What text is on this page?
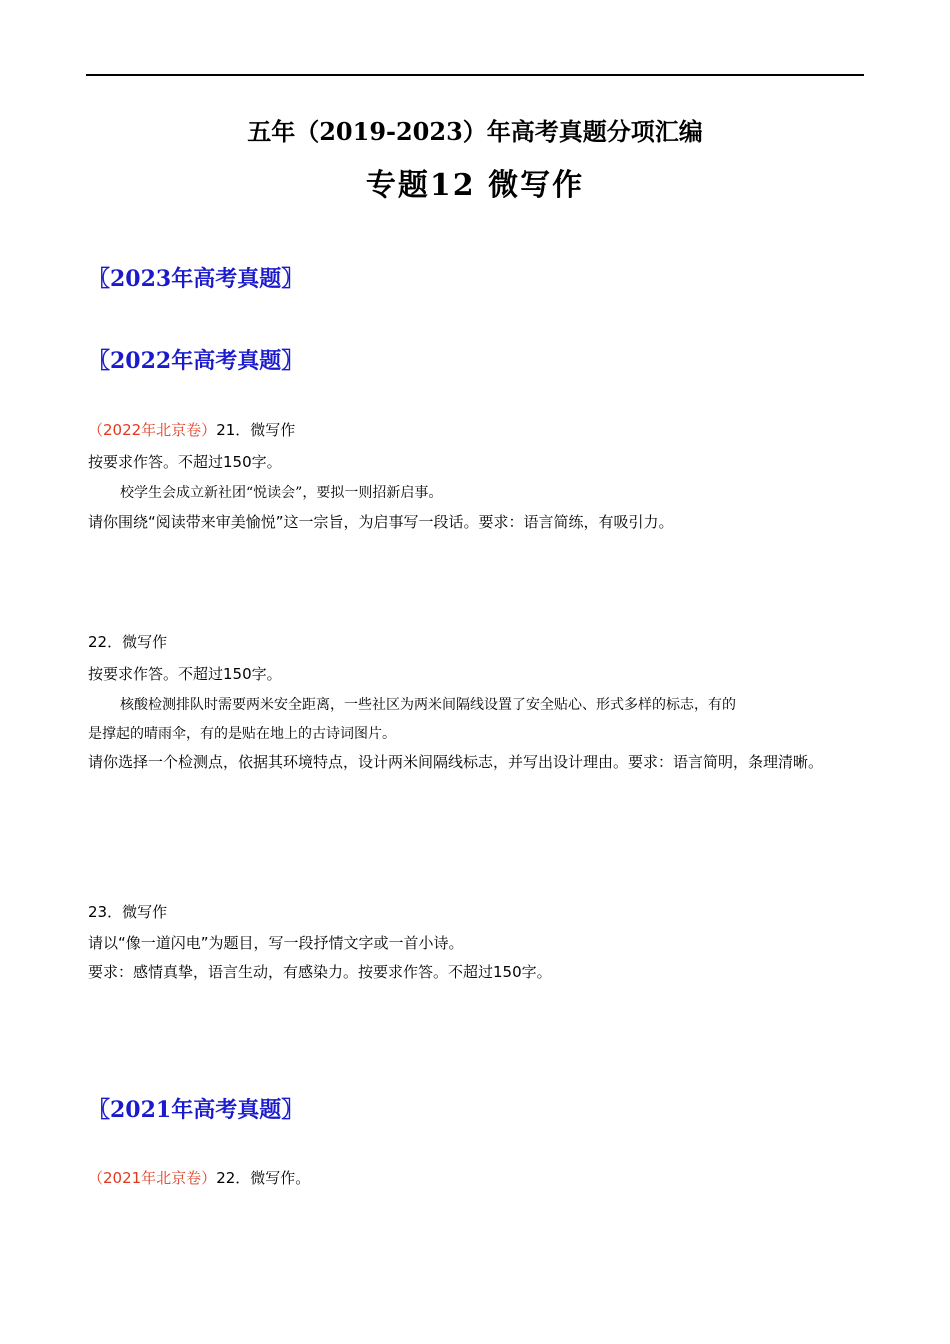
五年（2019-2023）年高考真题分项汇编
专题12 微写作
〖2023年高考真题〗
〖2022年高考真题〗
（2022年北京卷）21．微写作
按要求作答。不超过150字。
校学生会成立新社团“悦读会”，要拟一则招新启事。
请你围绕“阅读带来审美愉悦”这一宗旨，为启事写一段话。要求：语言简练，有吸引力。
22．微写作
按要求作答。不超过150字。
核酸检测排队时需要两米安全距离，一些社区为两米间隔线设置了安全贴心、形式多样的标志，有的
是撑起的晴雨伞，有的是贴在地上的古诗词图片。
请你选择一个检测点，依据其环境特点，设计两米间隔线标志，并写出设计理由。要求：语言简明，条理清晰。
23．微写作
请以“像一道闪电”为题目，写一段抒情文字或一首小诗。
要求：感情真挚，语言生动，有感染力。按要求作答。不超过150字。
〖2021年高考真题〗
（2021年北京卷）22．微写作。
